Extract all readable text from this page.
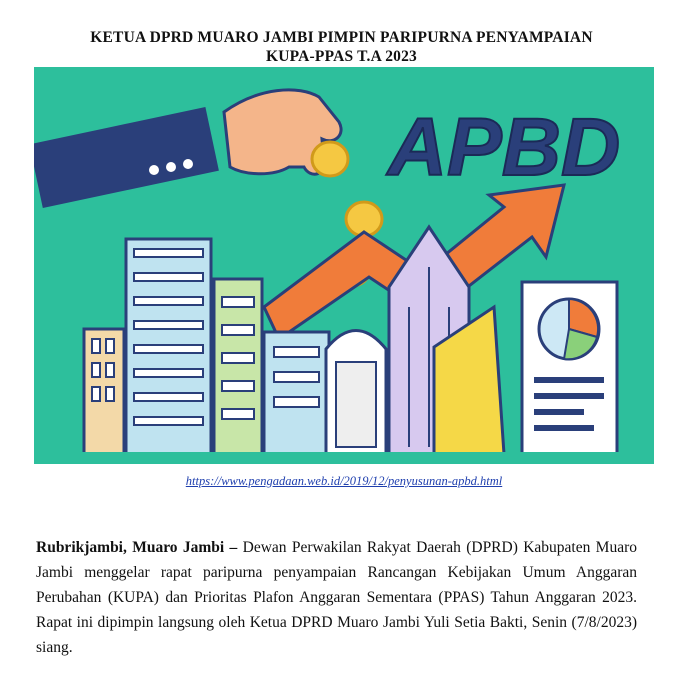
KETUA DPRD MUARO JAMBI PIMPIN PARIPURNA PENYAMPAIAN
KUPA-PPAS T.A 2023
APBD
https://www.pengadaan.web.id/2019/12/penyusunan-apbd.html
Rubrikjambi, Muaro Jambi – Dewan Perwakilan Rakyat Daerah (DPRD) Kabupaten Muaro Jambi menggelar rapat paripurna penyampaian Rancangan Kebijakan Umum Anggaran Perubahan (KUPA) dan Prioritas Plafon Anggaran Sementara (PPAS) Tahun Anggaran 2023. Rapat ini dipimpin langsung oleh Ketua DPRD Muaro Jambi Yuli Setia Bakti, Senin (7/8/2023) siang.
